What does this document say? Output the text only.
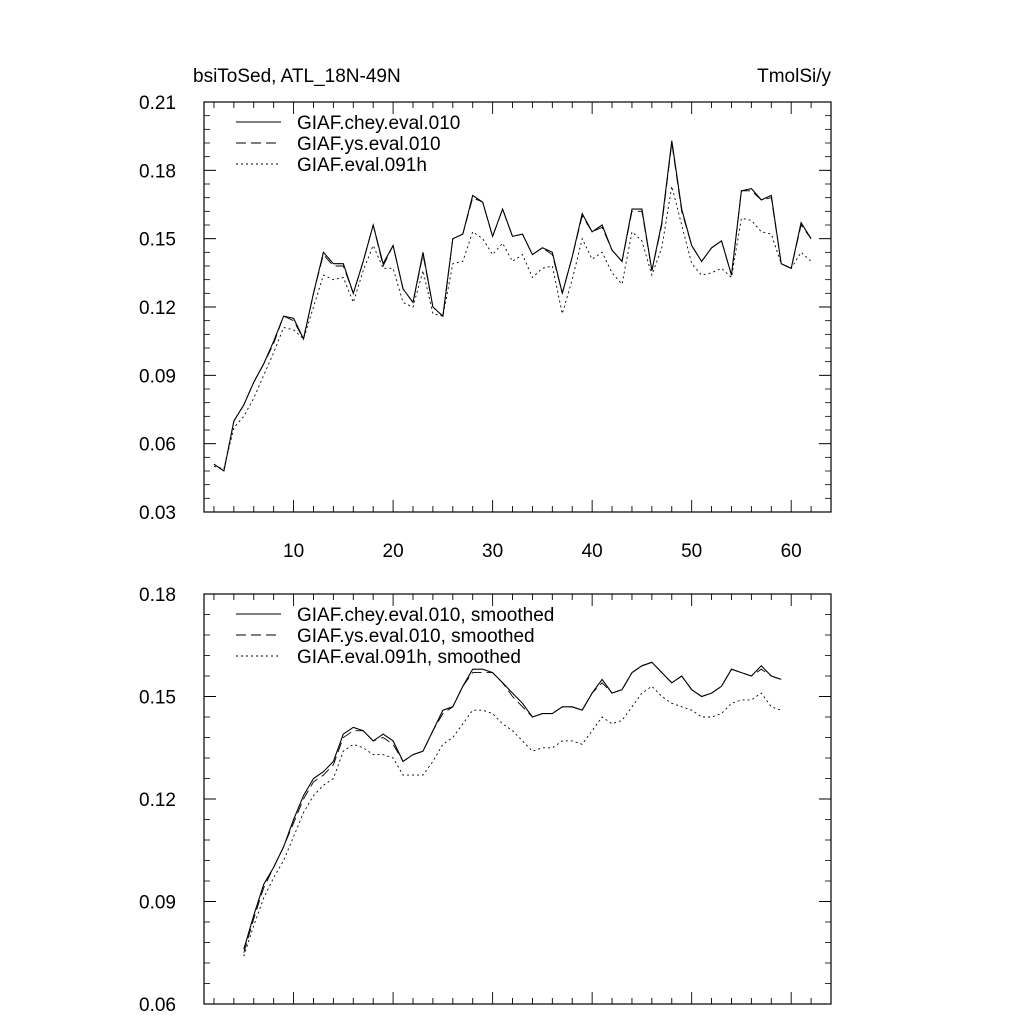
bsiToSed, ATL_18N-49N	TmolSi/y
0.03
0.06
0.09
0.12
0.15
0.18
0.21
10	20	30	40	50	60
GIAF.chey.eval.010
GIAF.ys.eval.010
GIAF.eval.091h
0.06
0.09
0.12
0.15
0.18
GIAF.chey.eval.010, smoothed
GIAF.ys.eval.010, smoothed
GIAF.eval.091h, smoothed
